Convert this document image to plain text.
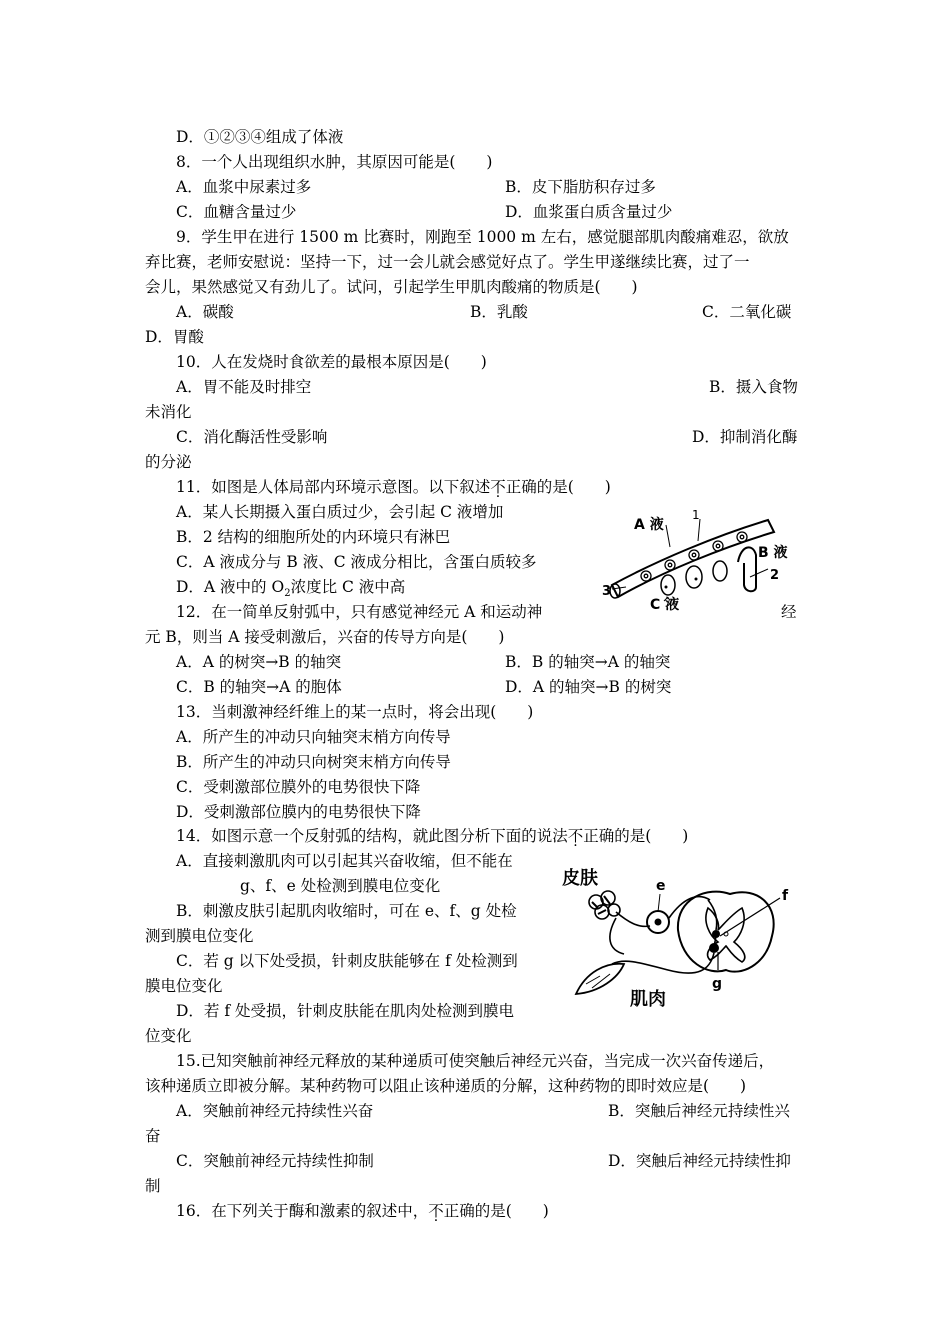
D．①②③④组成了体液
8．一个人出现组织水肿，其原因可能是(　　)
A．血浆中尿素过多	B．皮下脂肪积存过多
C．血糖含量过少	D．血浆蛋白质含量过少
9．学生甲在进行 1500 m 比赛时，刚跑至 1000 m 左右，感觉腿部肌肉酸痛难忍，欲放
弃比赛，老师安慰说：坚持一下，过一会儿就会感觉好点了。学生甲遂继续比赛，过了一
会儿，果然感觉又有劲儿了。试问，引起学生甲肌肉酸痛的物质是(　　)
A．碳酸	B．乳酸	C．二氧化碳
D．胃酸
10．人在发烧时食欲差的最根本原因是(　　)
A．胃不能及时排空	B．摄入食物
未消化
C．消化酶活性受影响	D．抑制消化酶
的分泌
11．如图是人体局部内环境示意图。以下叙述不正确的是(　　)
A．某人长期摄入蛋白质过少，会引起 C 液增加
B．2 结构的细胞所处的内环境只有淋巴
C．A 液成分与 B 液、C 液成分相比，含蛋白质较多
D．A 液中的 $O_2$浓度比 C 液中高
A 液
1
B 液
2
3
C 液
12．在一简单反射弧中，只有感觉神经元 A 和运动神	经
元 B，则当 A 接受刺激后，兴奋的传导方向是(　　)
A．A 的树突→B 的轴突	B．B 的轴突→A 的轴突
C．B 的轴突→A 的胞体	D．A 的轴突→B 的树突
13．当刺激神经纤维上的某一点时，将会出现(　　)
A．所产生的冲动只向轴突末梢方向传导
B．所产生的冲动只向树突末梢方向传导
C．受刺激部位膜外的电势很快下降
D．受刺激部位膜内的电势很快下降
14．如图示意一个反射弧的结构，就此图分析下面的说法不正确的是(　　)
A．直接刺激肌肉可以引起其兴奋收缩，但不能在
g、f、e 处检测到膜电位变化
B．刺激皮肤引起肌肉收缩时，可在 e、f、g 处检
测到膜电位变化
C．若 g 以下处受损，针刺皮肤能够在 f 处检测到
膜电位变化
D．若 f 处受损，针刺皮肤能在肌肉处检测到膜电
位变化
皮肤	e
f
g
肌肉
15.已知突触前神经元释放的某种递质可使突触后神经元兴奋，当完成一次兴奋传递后，
该种递质立即被分解。某种药物可以阻止该种递质的分解，这种药物的即时效应是(　　)
A．突触前神经元持续性兴奋	B．突触后神经元持续性兴
奋
C．突触前神经元持续性抑制	D．突触后神经元持续性抑
制
16．在下列关于酶和激素的叙述中，不正确的是(　　)
